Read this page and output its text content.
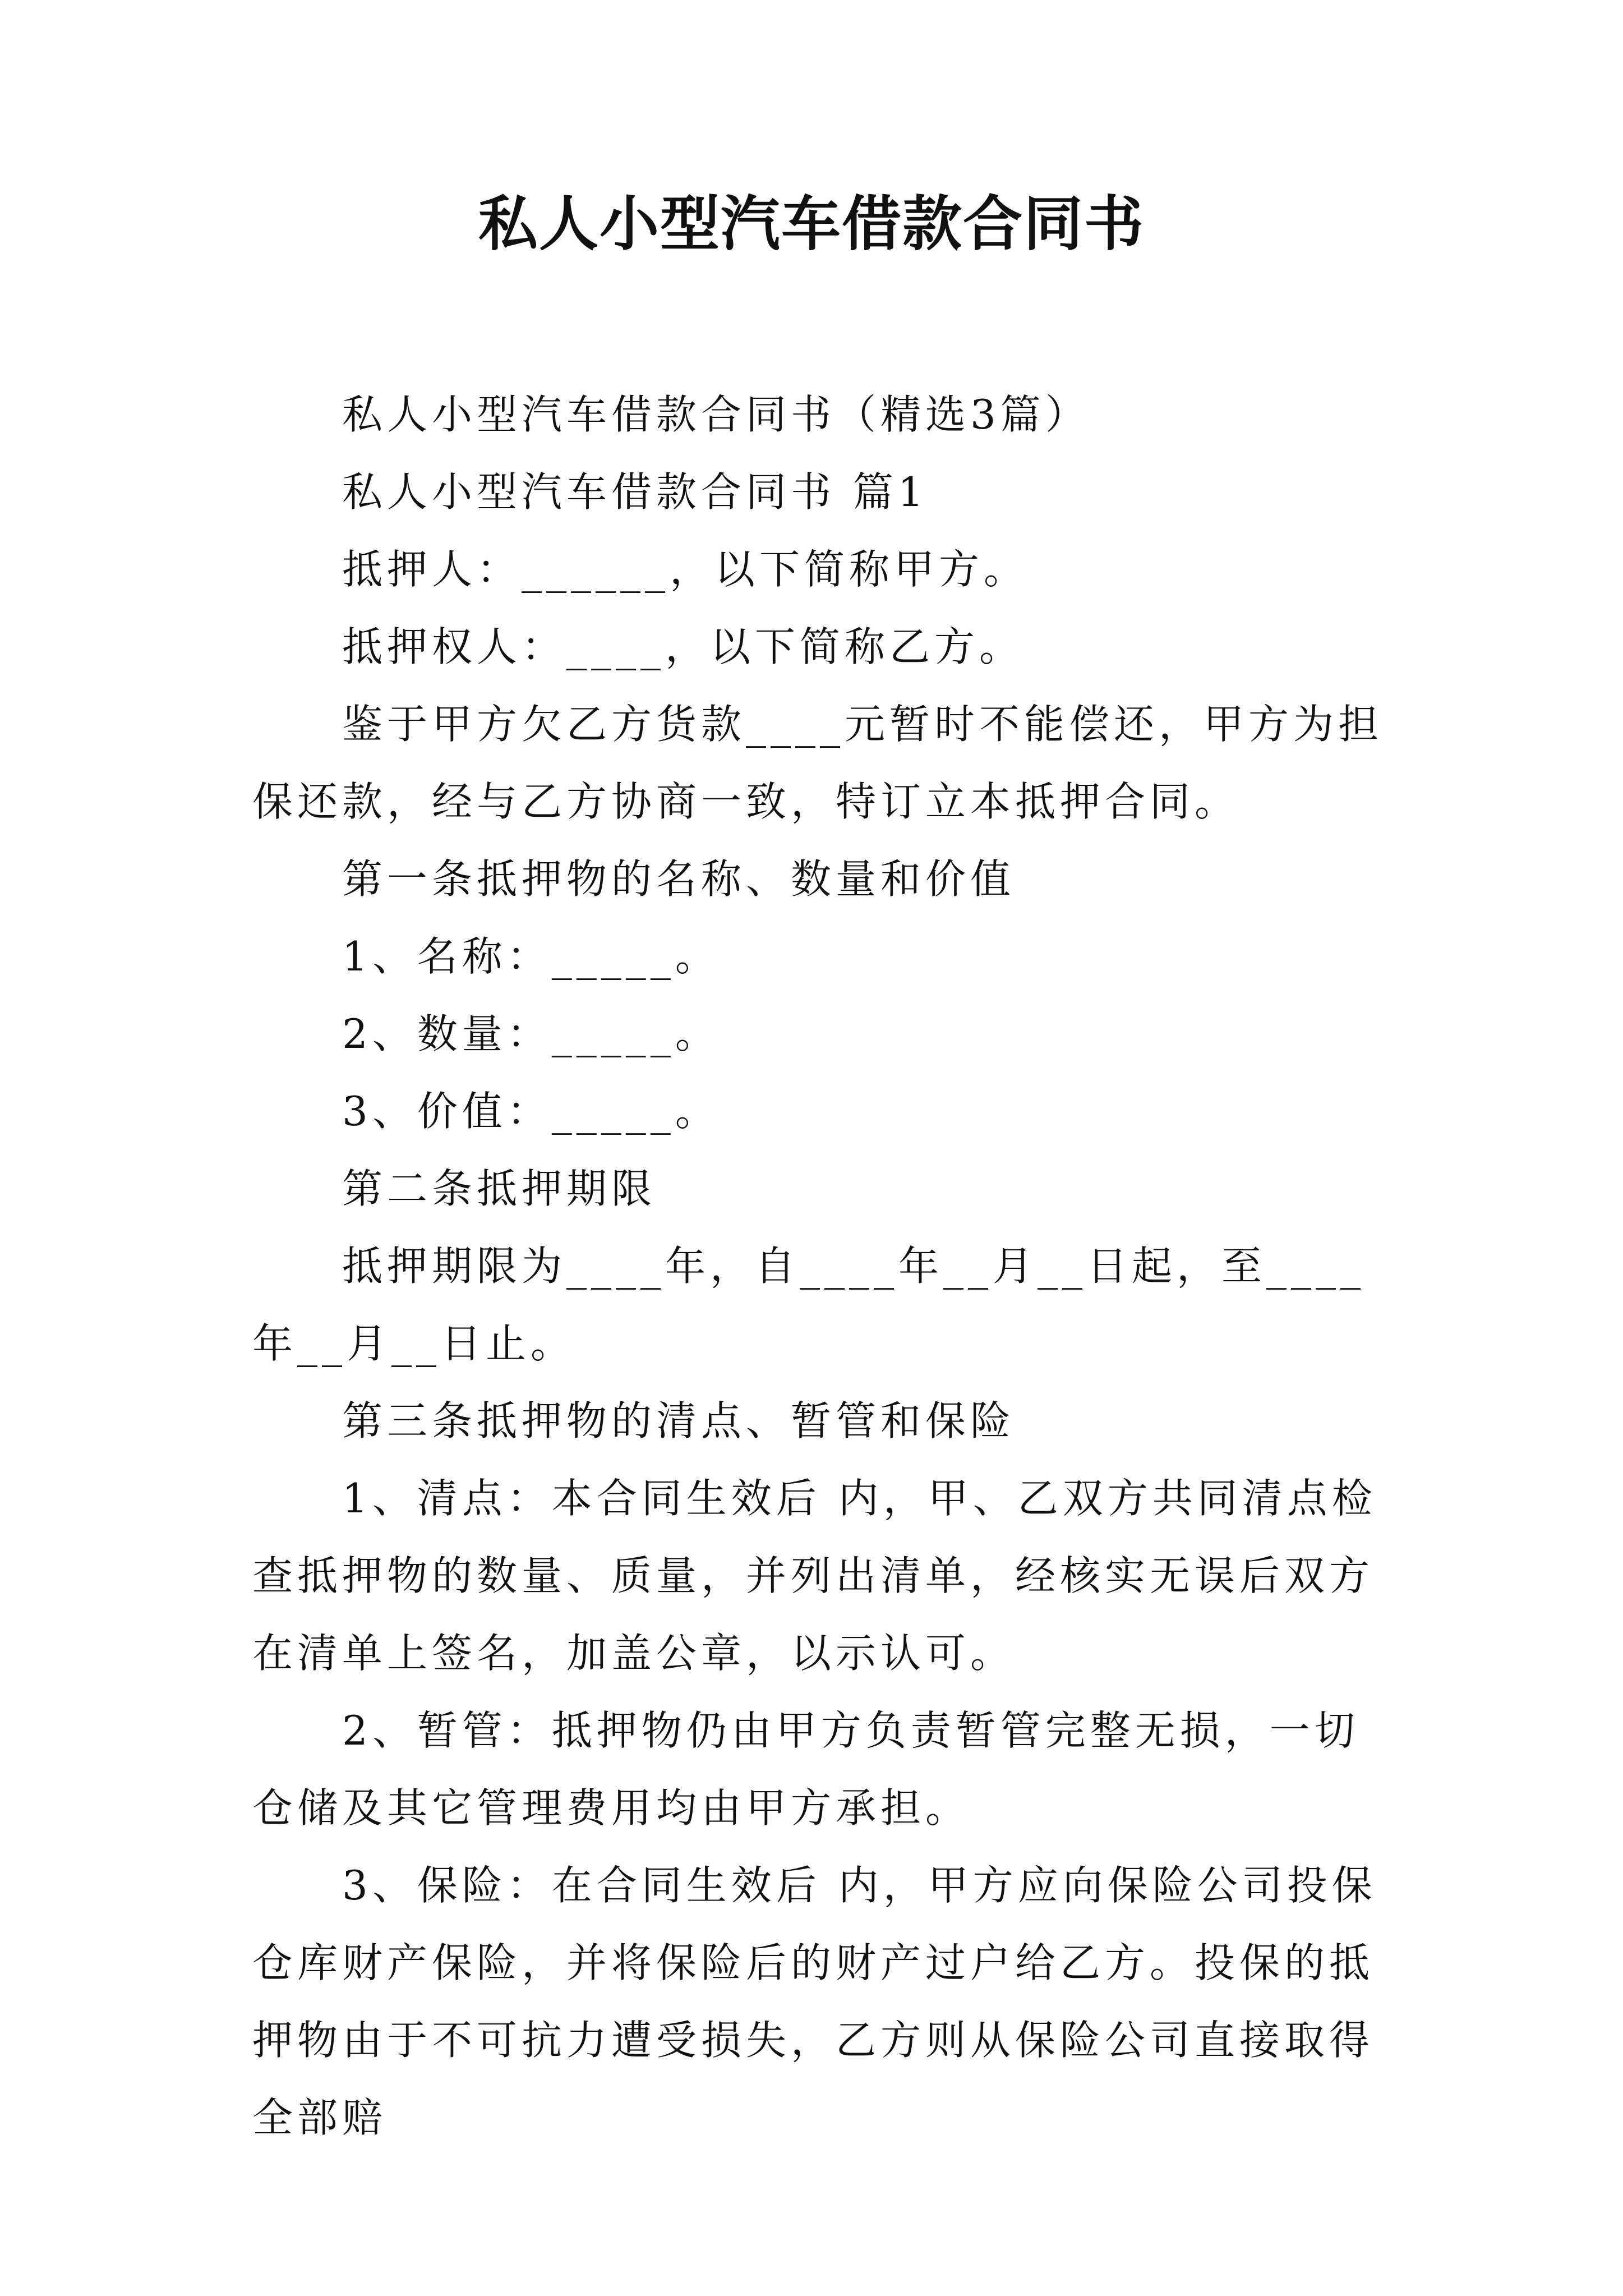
私人小型汽车借款合同书

私人小型汽车借款合同书（精选3篇）

私人小型汽车借款合同书 篇1

抵押人：______，以下简称甲方。

抵押权人：____，以下简称乙方。

鉴于甲方欠乙方货款____元暂时不能偿还，甲方为担保还款，经与乙方协商一致，特订立本抵押合同。

第一条抵押物的名称、数量和价值

1、名称：_____。

2、数量：_____。

3、价值：_____。

第二条抵押期限

抵押期限为____年，自____年__月__日起，至____年__月__日止。

第三条抵押物的清点、暂管和保险

1、清点：本合同生效后 内，甲、乙双方共同清点检查抵押物的数量、质量，并列出清单，经核实无误后双方在清单上签名，加盖公章，以示认可。

2、暂管：抵押物仍由甲方负责暂管完整无损，一切仓储及其它管理费用均由甲方承担。

3、保险：在合同生效后 内，甲方应向保险公司投保仓库财产保险，并将保险后的财产过户给乙方。投保的抵押物由于不可抗力遭受损失，乙方则从保险公司直接取得全部赔
